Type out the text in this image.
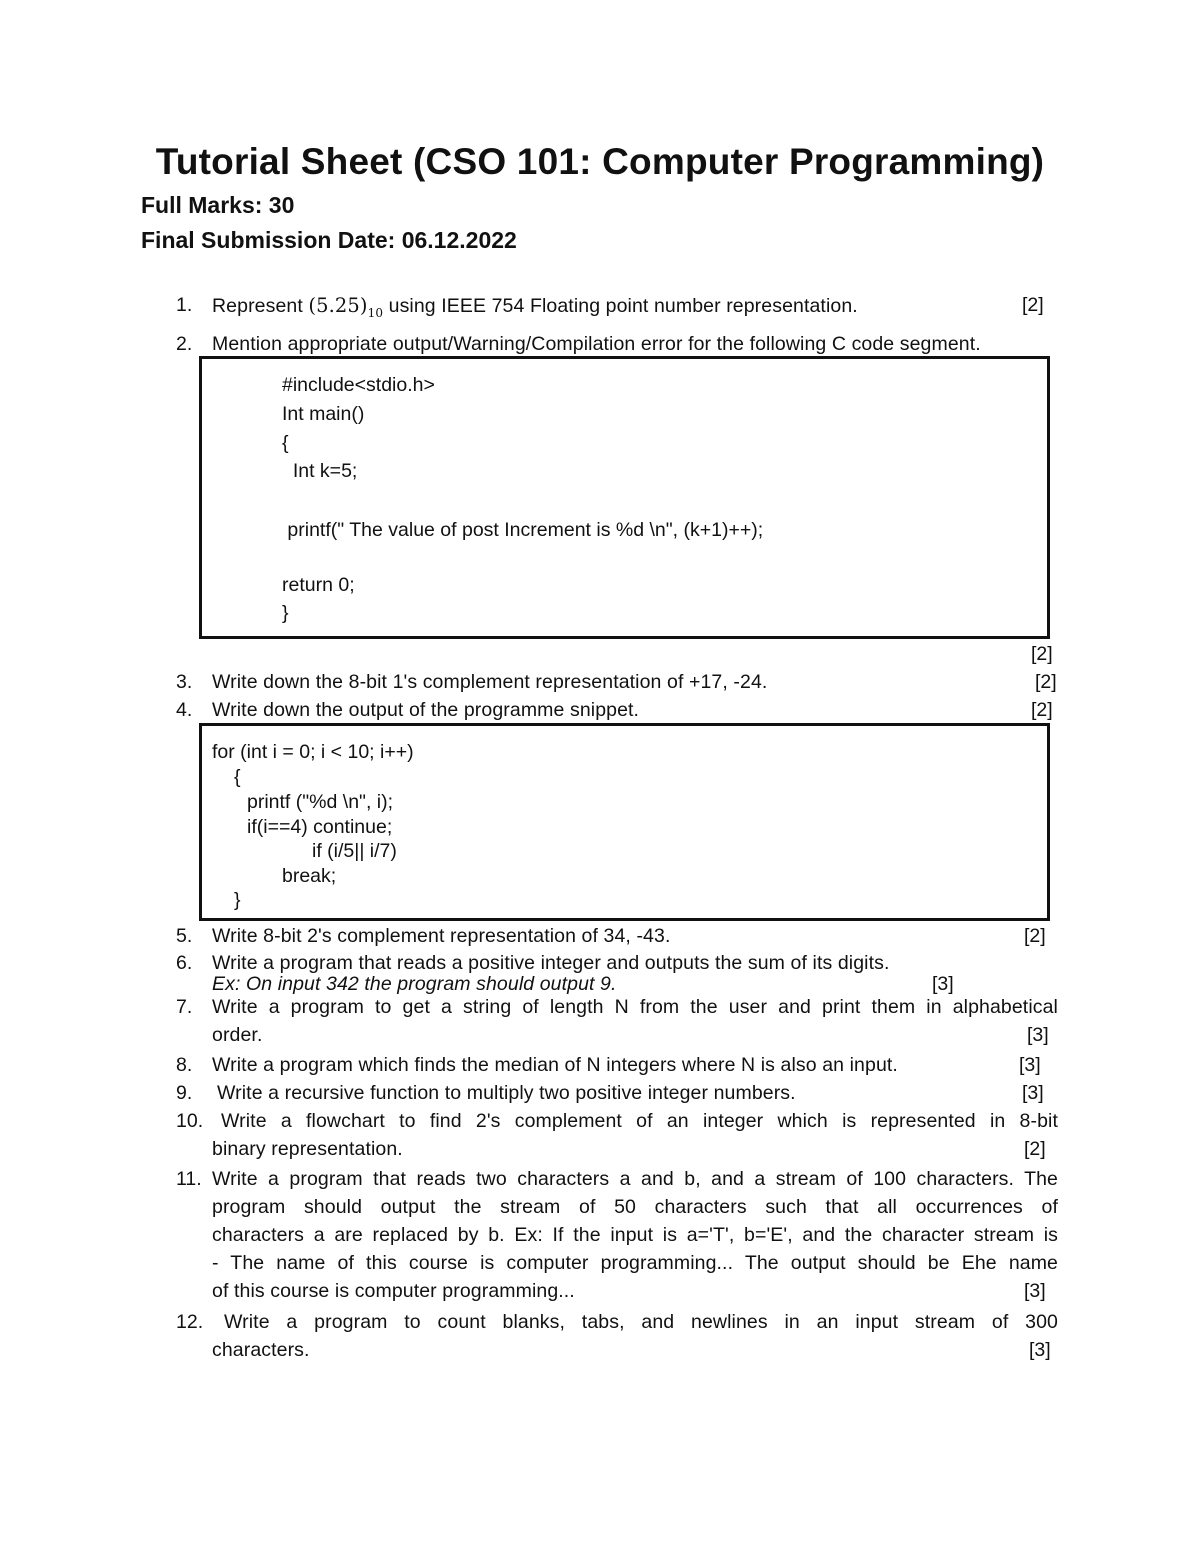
Tutorial Sheet (CSO 101: Computer Programming)
Full Marks: 30
Final Submission Date: 06.12.2022
1. Represent $(5.25)_{10}$ using IEEE 754 Floating point number representation.	[2]
2. Mention appropriate output/Warning/Compilation error for the following C code segment.
#include<stdio.h>
Int main()
{
Int k=5;
printf(" The value of post Increment is %d \n", (k+1)++);
return 0;
}
[2]
3. Write down the 8-bit 1's complement representation of +17, -24.	[2]
4. Write down the output of the programme snippet.	[2]
for (int i = 0; i < 10; i++)
{
printf ("%d \n", i);
if(i==4) continue;
if (i/5|| i/7)
break;
}
5. Write 8-bit 2's complement representation of 34, -43.	[2]
6. Write a program that reads a positive integer and outputs the sum of its digits.
Ex: On input 342 the program should output 9.	[3]
7. Write a program to get a string of length N from the user and print them in alphabetical
order.	[3]
8. Write a program which finds the median of N integers where N is also an input.	[3]
9. Write a recursive function to multiply two positive integer numbers.	[3]
10. Write a flowchart to find 2's complement of an integer which is represented in 8-bit
binary representation.	[2]
11. Write a program that reads two characters a and b, and a stream of 100 characters. The
program should output the stream of 50 characters such that all occurrences of
characters a are replaced by b. Ex: If the input is a='T', b='E', and the character stream is
- The name of this course is computer programming... The output should be Ehe name
of this course is computer programming...	[3]
12. Write a program to count blanks, tabs, and newlines in an input stream of 300
characters.	[3]
